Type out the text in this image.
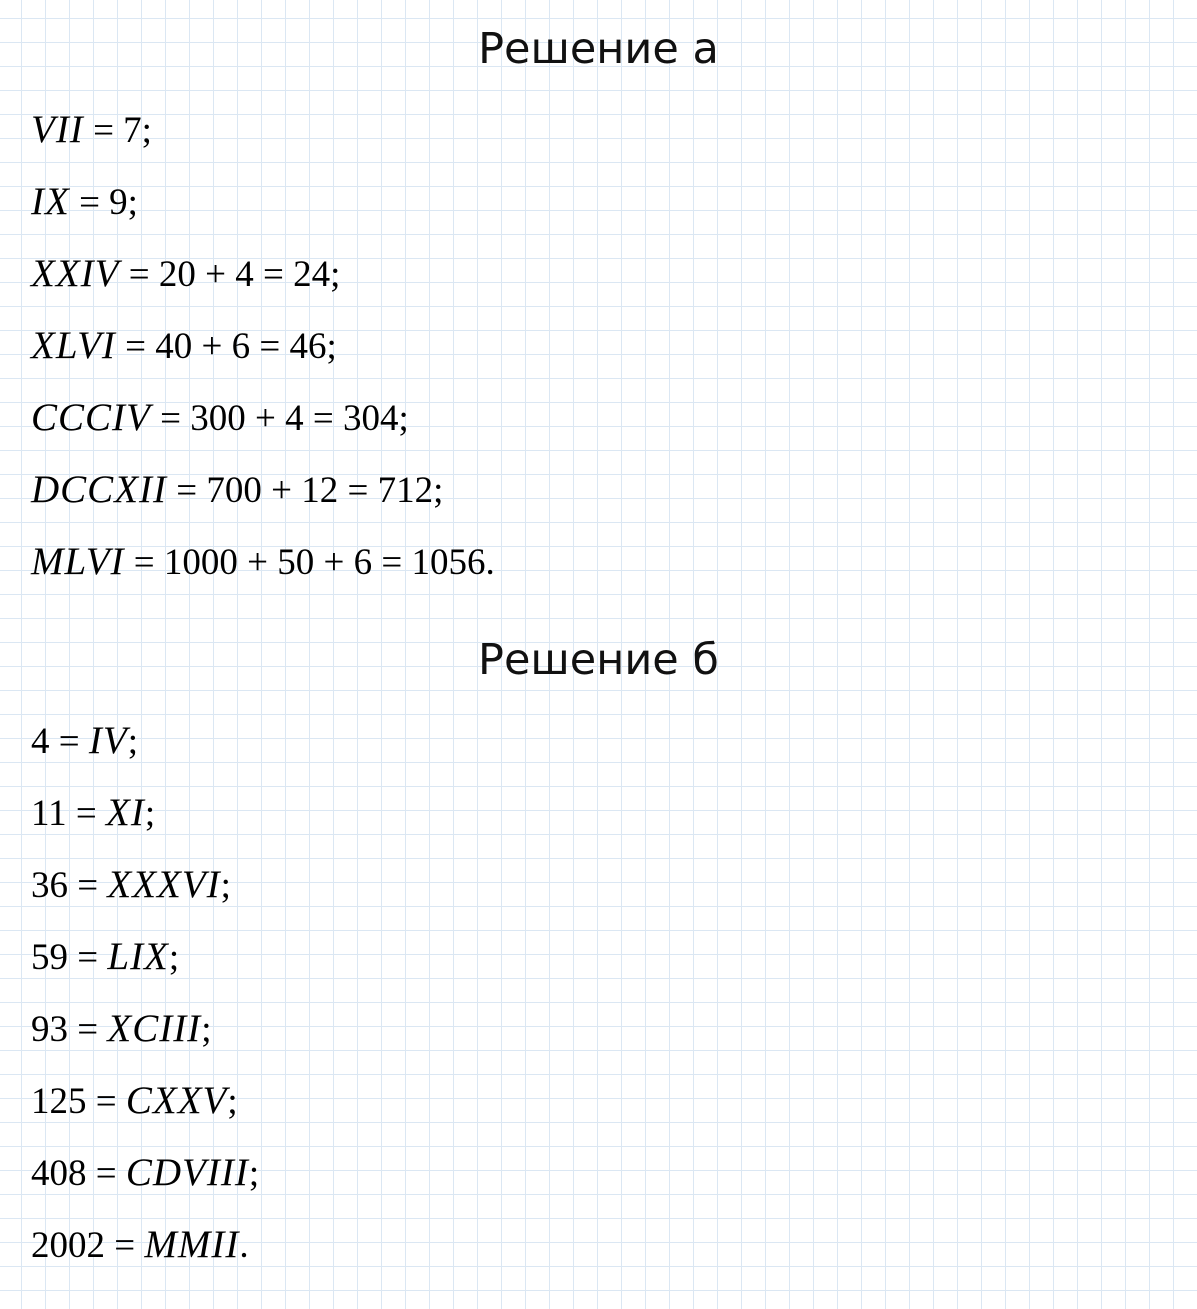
Решение а
VII = 7;
IX = 9;
XXIV = 20 + 4 = 24;
XLVI = 40 + 6 = 46;
CCCIV = 300 + 4 = 304;
DCCXII = 700 + 12 = 712;
MLVI = 1000 + 50 + 6 = 1056.
Решение б
4 = IV;
11 = XI;
36 = XXXVI;
59 = LIX;
93 = XCIII;
125 = CXXV;
408 = CDVIII;
2002 = MMII.
